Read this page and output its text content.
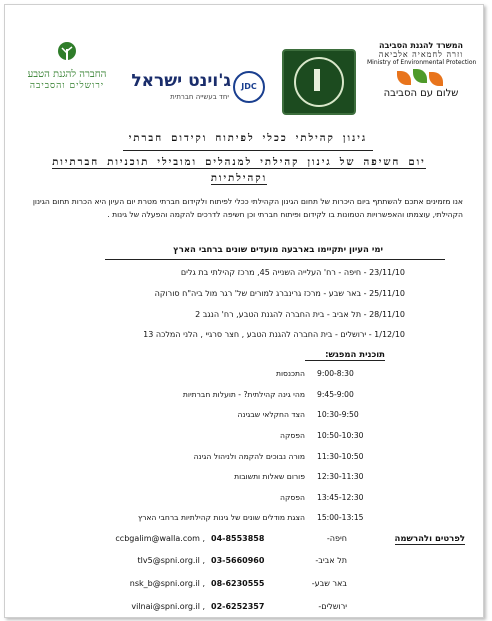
החברה להגנת הטבע
ירושלים והסביבה	JDC
ג'וינט ישראל
יחד בעשייה חברתית
המשרד להגנת הסביבה
וזרה לחמאיה אלביאה
Ministry of Environmental Protection
שלום עם הסביבה
גינון קהילתי ככלי לפיתוח וקידום חברתי
יום חשיפה של גינון קהילתי למנהלים ומובילי תוכניות חברתיות וקהילתיות
אנו מזמינים אתכם להשתתף ביום היכרות של תחום הגינון הקהילתי ככלי לפיתוח ולקידום חברתי מטרת יום העיון היא הכרות תחום הגינון הקהילתי, עוצמתו והאפשרויות הטמונות בו לקידום ופיתוח חברתי וכן חשיפה לדרכים להקמה והפעלה של גינות .
ימי העיון יתקיימו בארבעה מועדים שונים ברחבי הארץ
23/11/10 - חיפה - רח' העלייה השנייה 45, מרכז קהילתי בת גלים
25/11/10 - באר שבע - מרכז גרינברג למורים של' רגר מול ביה"ח סורוקה
28/11/10 - תל אביב - בית החברה להגנת הטבע, רח' הנגב 2
1/12/10 - ירושלים - בית החברה להגנת הטבע , חצר סרגיי , הלני המלכה 13
תוכנית המפגש:
התכנסות 9:00-8:30
מהי גינה קהילתית? - תועלות חברתיות 9:45-9:00
הצד החקלאי שבגינה 10:30-9:50
הפסקה 10:50-10:30
מורה נבוכים להקמה ולניהול הגינה 11:30-10:50
פורום שאלות ותשובות 12:30-11:30
הפסקה 13:45-12:30
הצגת מודלים שונים של גינות קהילתיות ברחבי הארץ 15:00-13:15
לפרטים ולהרשמה
חיפה-
04-8553858
ccbgalim@walla.com ,
תל אביב-
03-5660960
tlv5@spni.org.il ,
באר שבע-
08-6230555
nsk_b@spni.org.il ,
ירושלים-
02-6252357
vilnai@spni.org.il ,
